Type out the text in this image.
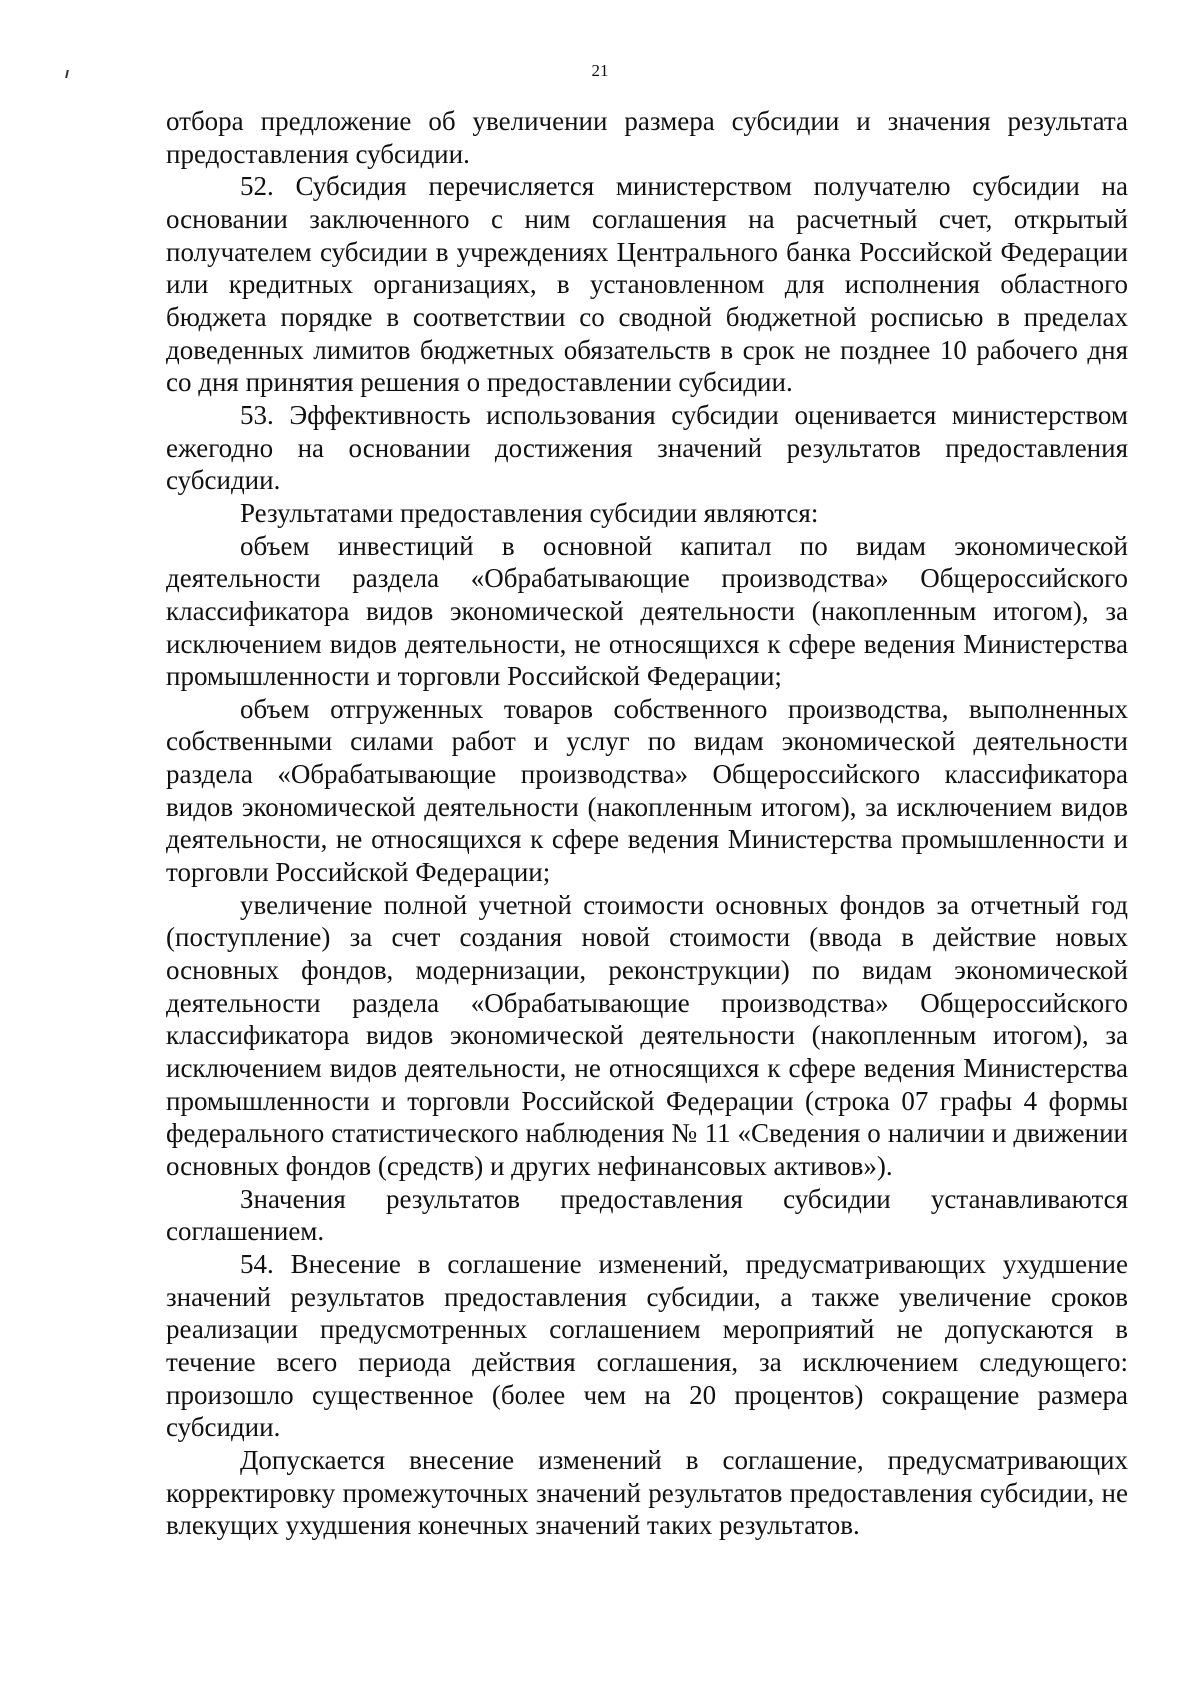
21

отбора предложение об увеличении размера субсидии и значения результата предоставления субсидии.

52. Субсидия перечисляется министерством получателю субсидии на основании заключенного с ним соглашения на расчетный счет, открытый получателем субсидии в учреждениях Центрального банка Российской Федерации или кредитных организациях, в установленном для исполнения областного бюджета порядке в соответствии со сводной бюджетной росписью в пределах доведенных лимитов бюджетных обязательств в срок не позднее 10 рабочего дня со дня принятия решения о предоставлении субсидии.

53. Эффективность использования субсидии оценивается министерством ежегодно на основании достижения значений результатов предоставления субсидии.

Результатами предоставления субсидии являются:

объем инвестиций в основной капитал по видам экономической деятельности раздела «Обрабатывающие производства» Общероссийского классификатора видов экономической деятельности (накопленным итогом), за исключением видов деятельности, не относящихся к сфере ведения Министерства промышленности и торговли Российской Федерации;

объем отгруженных товаров собственного производства, выполненных собственными силами работ и услуг по видам экономической деятельности раздела «Обрабатывающие производства» Общероссийского классификатора видов экономической деятельности (накопленным итогом), за исключением видов деятельности, не относящихся к сфере ведения Министерства промышленности и торговли Российской Федерации;

увеличение полной учетной стоимости основных фондов за отчетный год (поступление) за счет создания новой стоимости (ввода в действие новых основных фондов, модернизации, реконструкции) по видам экономической деятельности раздела «Обрабатывающие производства» Общероссийского классификатора видов экономической деятельности (накопленным итогом), за исключением видов деятельности, не относящихся к сфере ведения Министерства промышленности и торговли Российской Федерации (строка 07 графы 4 формы федерального статистического наблюдения № 11 «Сведения о наличии и движении основных фондов (средств) и других нефинансовых активов»).

Значения результатов предоставления субсидии устанавливаются соглашением.

54. Внесение в соглашение изменений, предусматривающих ухудшение значений результатов предоставления субсидии, а также увеличение сроков реализации предусмотренных соглашением мероприятий не допускаются в течение всего периода действия соглашения, за исключением следующего: произошло существенное (более чем на 20 процентов) сокращение размера субсидии.

Допускается внесение изменений в соглашение, предусматривающих корректировку промежуточных значений результатов предоставления субсидии, не влекущих ухудшения конечных значений таких результатов.
